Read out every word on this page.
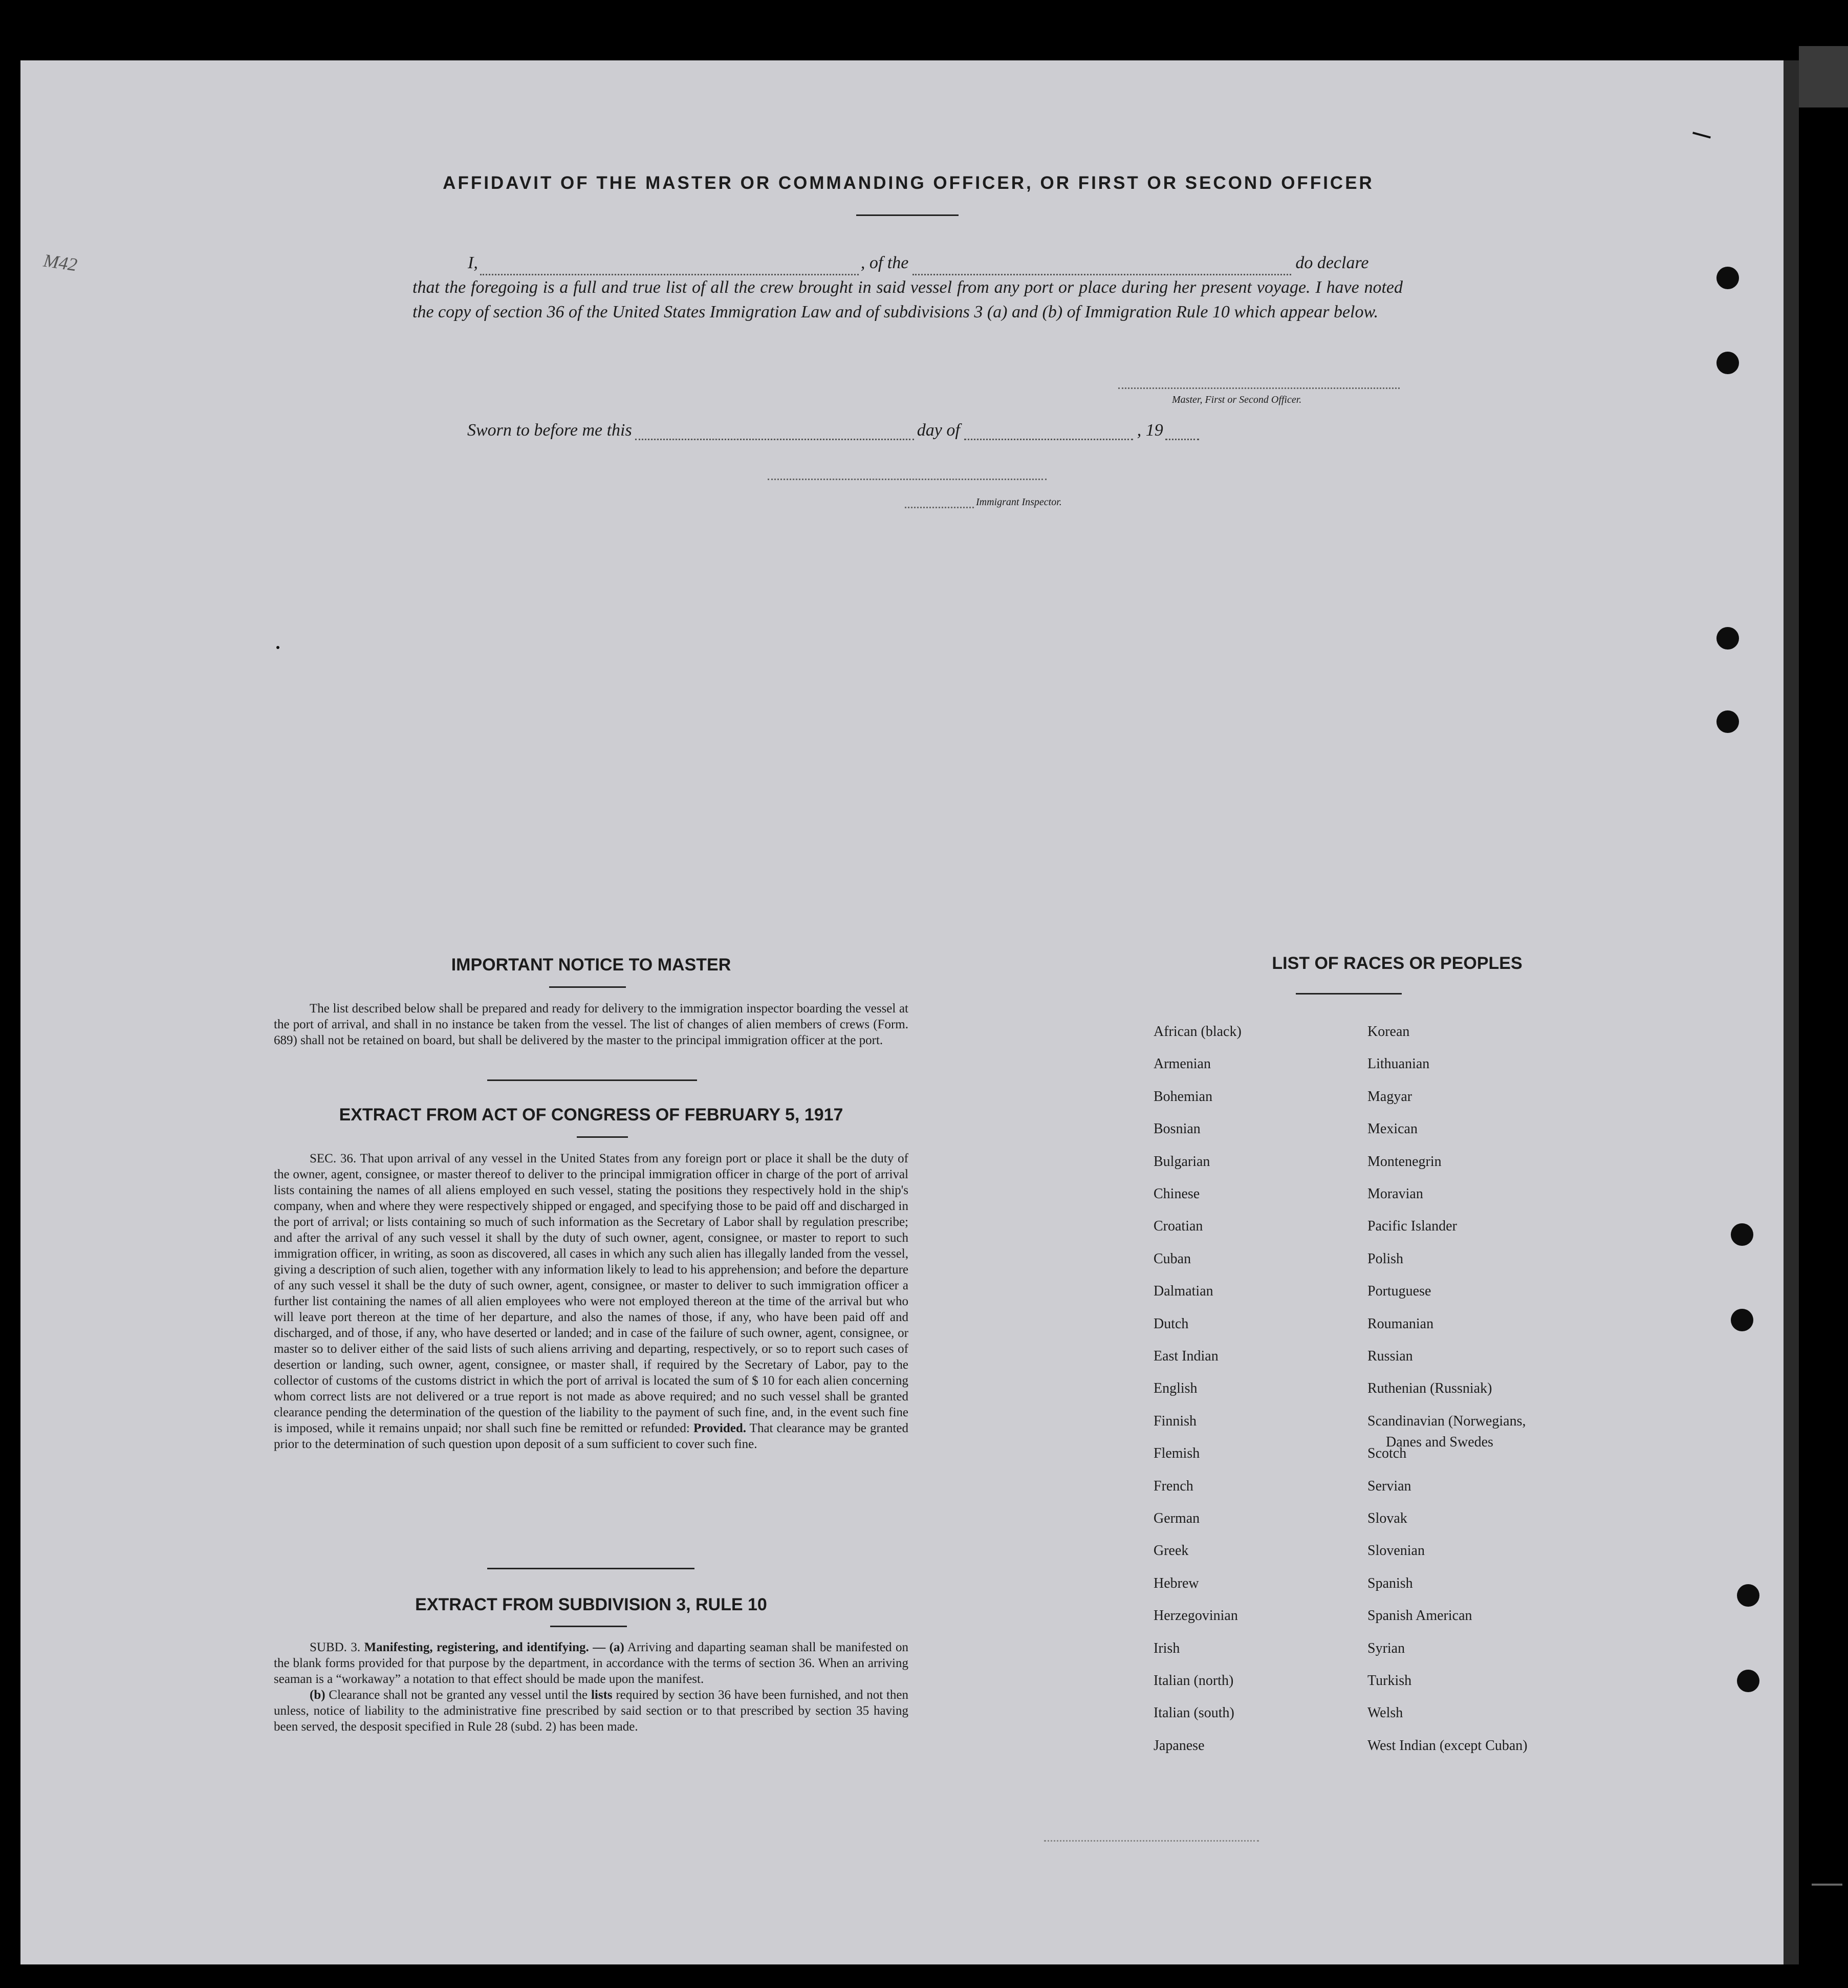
M42
AFFIDAVIT OF THE MASTER OR COMMANDING OFFICER, OR FIRST OR SECOND OFFICER
I,	, of the	do declare
that the foregoing is a full and true list of all the crew brought in said vessel from any port or place during her present voyage. I have noted the copy of section 36 of the United States Immigration Law and of subdivisions 3 (a) and (b) of Immigration Rule 10 which appear below.
Master, First or Second Officer.
Sworn to before me this	day of	, 19
Immigrant Inspector.
IMPORTANT NOTICE TO MASTER
The list described below shall be prepared and ready for delivery to the immigration inspector boarding the vessel at the port of arrival, and shall in no instance be taken from the vessel. The list of changes of alien members of crews (Form. 689) shall not be retained on board, but shall be delivered by the master to the principal immigration officer at the port.
EXTRACT FROM ACT OF CONGRESS OF FEBRUARY 5, 1917
SEC. 36. That upon arrival of any vessel in the United States from any foreign port or place it shall be the duty of the owner, agent, consignee, or master thereof to deliver to the principal immigration officer in charge of the port of arrival lists containing the names of all aliens employed en such vessel, stating the positions they respectively hold in the ship's company, when and where they were respectively shipped or engaged, and specifying those to be paid off and discharged in the port of arrival; or lists containing so much of such information as the Secretary of Labor shall by regulation prescribe; and after the arrival of any such vessel it shall by the duty of such owner, agent, consignee, or master to report to such immigration officer, in writing, as soon as discovered, all cases in which any such alien has illegally landed from the vessel, giving a description of such alien, together with any information likely to lead to his apprehension; and before the departure of any such vessel it shall be the duty of such owner, agent, consignee, or master to deliver to such immigration officer a further list containing the names of all alien employees who were not employed thereon at the time of the arrival but who will leave port thereon at the time of her departure, and also the names of those, if any, who have been paid off and discharged, and of those, if any, who have deserted or landed; and in case of the failure of such owner, agent, consignee, or master so to deliver either of the said lists of such aliens arriving and departing, respectively, or so to report such cases of desertion or landing, such owner, agent, consignee, or master shall, if required by the Secretary of Labor, pay to the collector of customs of the customs district in which the port of arrival is located the sum of $ 10 for each alien concerning whom correct lists are not delivered or a true report is not made as above required; and no such vessel shall be granted clearance pending the determination of the question of the liability to the payment of such fine, and, in the event such fine is imposed, while it remains unpaid; nor shall such fine be remitted or refunded: Provided. That clearance may be granted prior to the determination of such question upon deposit of a sum sufficient to cover such fine.
EXTRACT FROM SUBDIVISION 3, RULE 10
SUBD. 3. Manifesting, registering, and identifying. — (a) Arriving and daparting seaman shall be manifested on the blank forms provided for that purpose by the department, in accordance with the terms of section 36. When an arriving seaman is a “workaway” a notation to that effect should be made upon the manifest.
(b) Clearance shall not be granted any vessel until the lists required by section 36 have been furnished, and not then unless, notice of liability to the administrative fine prescribed by said section or to that prescribed by section 35 having been served, the desposit specified in Rule 28 (subd. 2) has been made.
LIST OF RACES OR PEOPLES
African (black)
Armenian
Bohemian
Bosnian
Bulgarian
Chinese
Croatian
Cuban
Dalmatian
Dutch
East Indian
English
Finnish
Flemish
French
German
Greek
Hebrew
Herzegovinian
Irish
Italian (north)
Italian (south)
Japanese
Korean
Lithuanian
Magyar
Mexican
Montenegrin
Moravian
Pacific Islander
Polish
Portuguese
Roumanian
Russian
Ruthenian (Russniak)
Scandinavian (Norwegians,
Scotch
Servian
Slovak
Slovenian
Spanish
Spanish American
Syrian
Turkish
Welsh
West Indian (except Cuban)
Danes and Swedes
